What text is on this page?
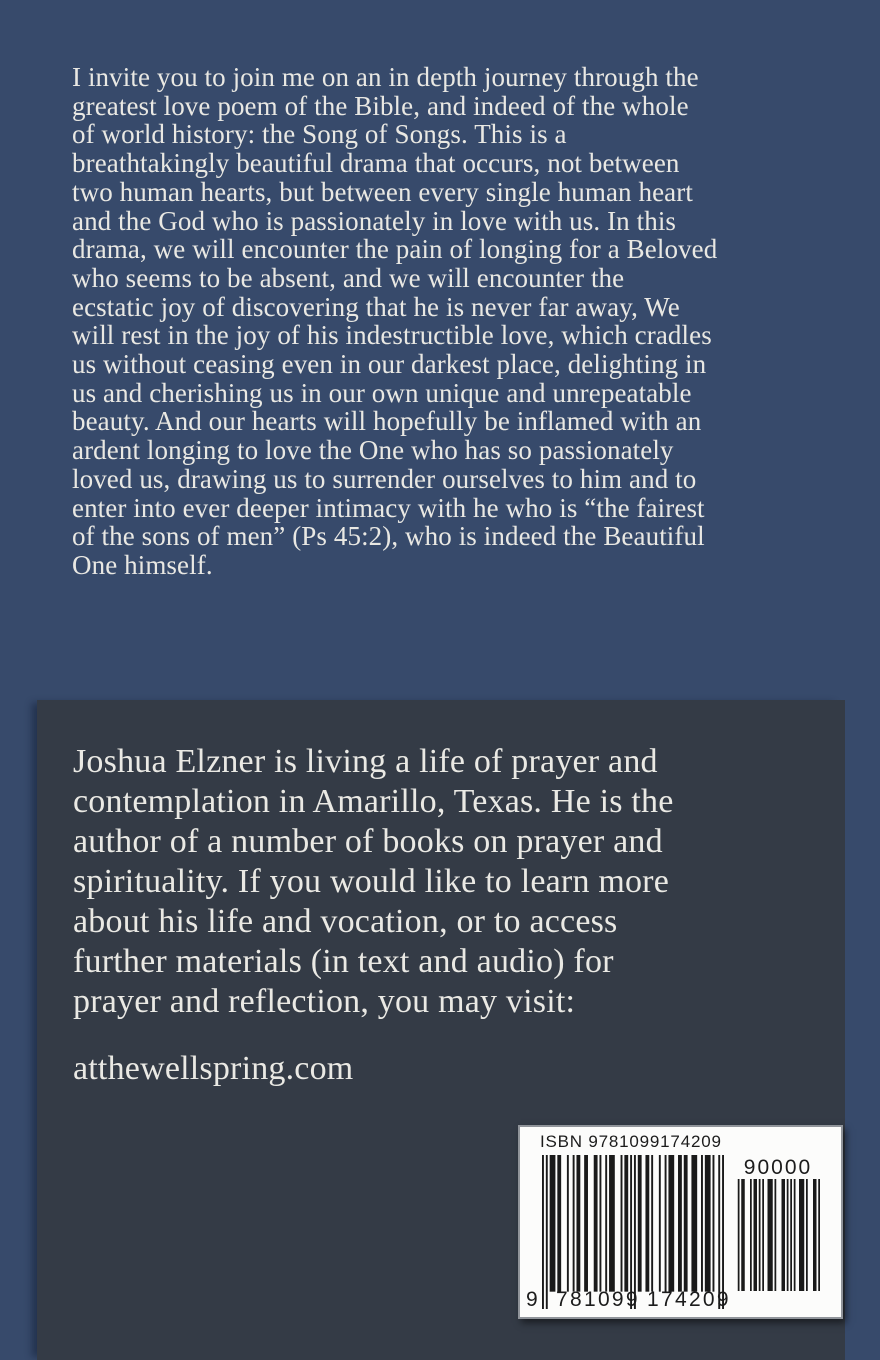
I invite you to join me on an in depth journey through the
greatest love poem of the Bible, and indeed of the whole
of world history: the Song of Songs. This is a
breathtakingly beautiful drama that occurs, not between
two human hearts, but between every single human heart
and the God who is passionately in love with us. In this
drama, we will encounter the pain of longing for a Beloved
who seems to be absent, and we will encounter the
ecstatic joy of discovering that he is never far away, We
will rest in the joy of his indestructible love, which cradles
us without ceasing even in our darkest place, delighting in
us and cherishing us in our own unique and unrepeatable
beauty. And our hearts will hopefully be inflamed with an
ardent longing to love the One who has so passionately
loved us, drawing us to surrender ourselves to him and to
enter into ever deeper intimacy with he who is “the fairest
of the sons of men” (Ps 45:2), who is indeed the Beautiful
One himself.
Joshua Elzner is living a life of prayer and
contemplation in Amarillo, Texas. He is the
author of a number of books on prayer and
spirituality. If you would like to learn more
about his life and vocation, or to access
further materials (in text and audio) for
prayer and reflection, you may visit:
atthewellspring.com
ISBN 9781099174209
9 781099 174209
90000
